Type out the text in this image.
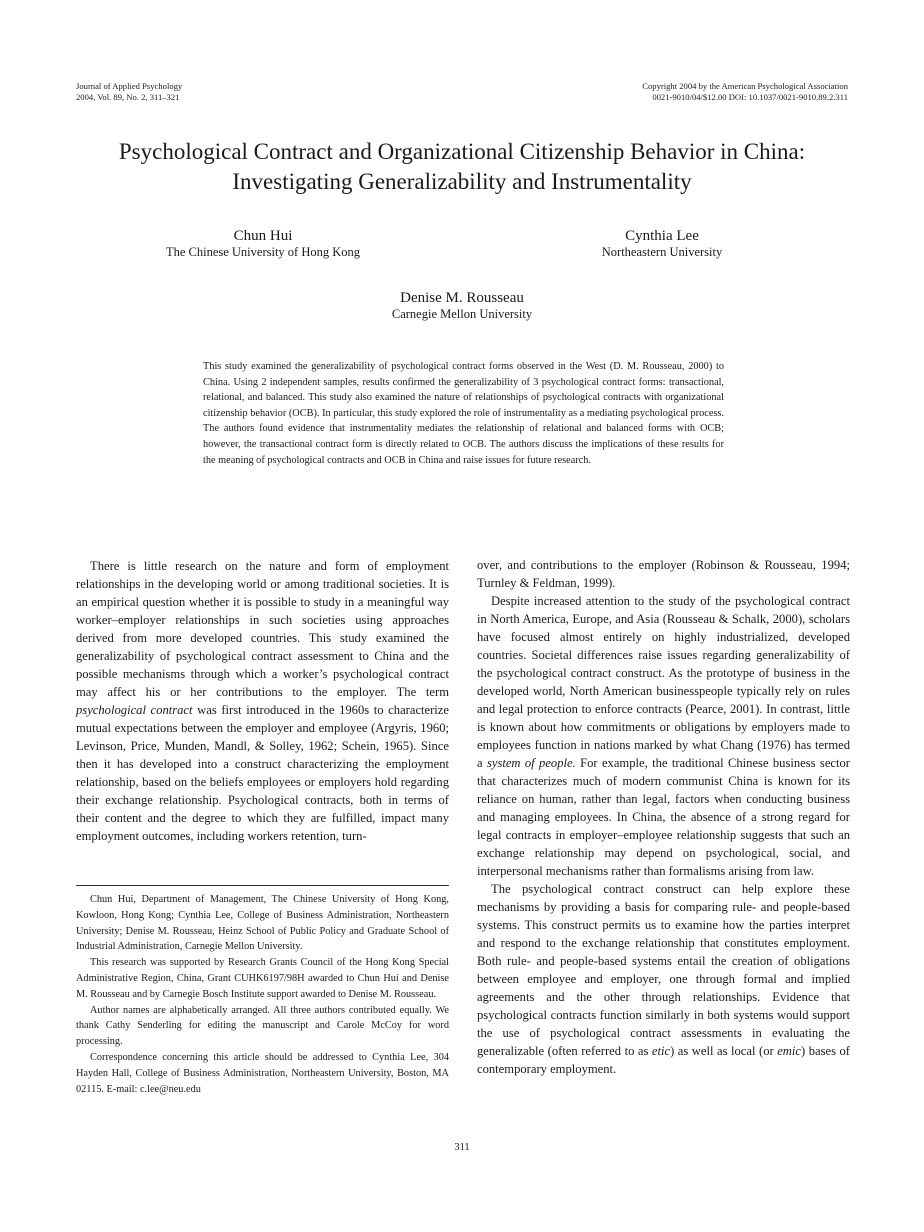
Journal of Applied Psychology
2004, Vol. 89, No. 2, 311–321
Copyright 2004 by the American Psychological Association
0021-9010/04/$12.00 DOI: 10.1037/0021-9010.89.2.311
Psychological Contract and Organizational Citizenship Behavior in China:
Investigating Generalizability and Instrumentality
Chun Hui
The Chinese University of Hong Kong
Cynthia Lee
Northeastern University
Denise M. Rousseau
Carnegie Mellon University
This study examined the generalizability of psychological contract forms observed in the West (D. M. Rousseau, 2000) to China. Using 2 independent samples, results confirmed the generalizability of 3 psychological contract forms: transactional, relational, and balanced. This study also examined the nature of relationships of psychological contracts with organizational citizenship behavior (OCB). In particular, this study explored the role of instrumentality as a mediating psychological process. The authors found evidence that instrumentality mediates the relationship of relational and balanced forms with OCB; however, the transactional contract form is directly related to OCB. The authors discuss the implications of these results for the meaning of psychological contracts and OCB in China and raise issues for future research.

There is little research on the nature and form of employment relationships in the developing world or among traditional societies. It is an empirical question whether it is possible to study in a meaningful way worker–employer relationships in such societies using approaches derived from more developed countries. This study examined the generalizability of psychological contract assessment to China and the possible mechanisms through which a worker’s psychological contract may affect his or her contributions to the employer. The term psychological contract was first introduced in the 1960s to characterize mutual expectations between the employer and employee (Argyris, 1960; Levinson, Price, Munden, Mandl, & Solley, 1962; Schein, 1965). Since then it has developed into a construct characterizing the employment relationship, based on the beliefs employees or employers hold regarding their exchange relationship. Psychological contracts, both in terms of their content and the degree to which they are fulfilled, impact many employment outcomes, including workers retention, turn-

Chun Hui, Department of Management, The Chinese University of Hong Kong, Kowloon, Hong Kong; Cynthia Lee, College of Business Administration, Northeastern University; Denise M. Rousseau, Heinz School of Public Policy and Graduate School of Industrial Administration, Carnegie Mellon University.

This research was supported by Research Grants Council of the Hong Kong Special Administrative Region, China, Grant CUHK6197/98H awarded to Chun Hui and Denise M. Rousseau and by Carnegie Bosch Institute support awarded to Denise M. Rousseau.

Author names are alphabetically arranged. All three authors contributed equally. We thank Cathy Senderling for editing the manuscript and Carole McCoy for word processing.

Correspondence concerning this article should be addressed to Cynthia Lee, 304 Hayden Hall, College of Business Administration, Northeastern University, Boston, MA 02115. E-mail: c.lee@neu.edu

over, and contributions to the employer (Robinson & Rousseau, 1994; Turnley & Feldman, 1999).

Despite increased attention to the study of the psychological contract in North America, Europe, and Asia (Rousseau & Schalk, 2000), scholars have focused almost entirely on highly industrialized, developed countries. Societal differences raise issues regarding generalizability of the psychological contract construct. As the prototype of business in the developed world, North American businesspeople typically rely on rules and legal protection to enforce contracts (Pearce, 2001). In contrast, little is known about how commitments or obligations by employers made to employees function in nations marked by what Chang (1976) has termed a system of people. For example, the traditional Chinese business sector that characterizes much of modern communist China is known for its reliance on human, rather than legal, factors when conducting business and managing employees. In China, the absence of a strong regard for legal contracts in employer–employee relationship suggests that such an exchange relationship may depend on psychological, social, and interpersonal mechanisms rather than formalisms arising from law.

The psychological contract construct can help explore these mechanisms by providing a basis for comparing rule- and people-based systems. This construct permits us to examine how the parties interpret and respond to the exchange relationship that constitutes employment. Both rule- and people-based systems entail the creation of obligations between employee and employer, one through formal and implied agreements and the other through relationships. Evidence that psychological contracts function similarly in both systems would support the use of psychological contract assessments in evaluating the generalizable (often referred to as etic) as well as local (or emic) bases of contemporary employment.

311
